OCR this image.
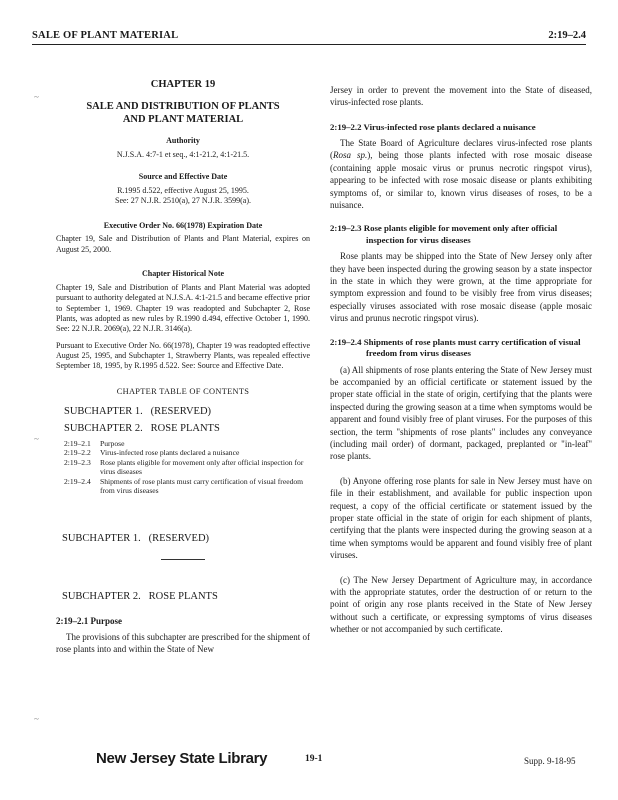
SALE OF PLANT MATERIAL	2:19–2.4
~
~
~
CHAPTER 19
SALE AND DISTRIBUTION OF PLANTS
AND PLANT MATERIAL
Authority

N.J.S.A. 4:7-1 et seq., 4:1-21.2, 4:1-21.5.

Source and Effective Date

R.1995 d.522, effective August 25, 1995.

See: 27 N.J.R. 2510(a), 27 N.J.R. 3599(a).

Executive Order No. 66(1978) Expiration Date

Chapter 19, Sale and Distribution of Plants and Plant Material, expires on August 25, 2000.

Chapter Historical Note

Chapter 19, Sale and Distribution of Plants and Plant Material was adopted pursuant to authority delegated at N.J.S.A. 4:1-21.5 and became effective prior to September 1, 1969. Chapter 19 was readopted and Subchapter 2, Rose Plants, was adopted as new rules by R.1990 d.494, effective October 1, 1990. See: 22 N.J.R. 2069(a), 22 N.J.R. 3146(a).

Pursuant to Executive Order No. 66(1978), Chapter 19 was readopted effective August 25, 1995, and Subchapter 1, Strawberry Plants, was repealed effective September 18, 1995, by R.1995 d.522. See: Source and Effective Date.

CHAPTER TABLE OF CONTENTS
SUBCHAPTER 1.   (RESERVED)
SUBCHAPTER 2.   ROSE PLANTS
2:19–2.1	Purpose
2:19–2.2	Virus-infected rose plants declared a nuisance
2:19–2.3	Rose plants eligible for movement only after official inspection for virus diseases
2:19–2.4	Shipments of rose plants must carry certification of visual freedom from virus diseases
SUBCHAPTER 1.   (RESERVED)
SUBCHAPTER 2.   ROSE PLANTS
2:19–2.1 Purpose

The provisions of this subchapter are prescribed for the shipment of rose plants into and within the State of New

Jersey in order to prevent the movement into the State of diseased, virus-infected rose plants.

2:19–2.2 Virus-infected rose plants declared a nuisance

The State Board of Agriculture declares virus-infected rose plants (Rosa sp.), being those plants infected with rose mosaic disease (containing apple mosaic virus or prunus necrotic ringspot virus), appearing to be infected with rose mosaic disease or plants exhibiting symptoms of, or similar to, known virus diseases of roses, to be a nuisance.

2:19–2.3 Rose plants eligible for movement only after official inspection for virus diseases

Rose plants may be shipped into the State of New Jersey only after they have been inspected during the growing season by a state inspector in the state in which they were grown, at the time appropriate for symptom expression and found to be visibly free from virus diseases; especially viruses associated with rose mosaic disease (apple mosaic virus and prunus necrotic ringspot virus).

2:19–2.4 Shipments of rose plants must carry certification of visual freedom from virus diseases

(a) All shipments of rose plants entering the State of New Jersey must be accompanied by an official certificate or statement issued by the proper state official in the state of origin, certifying that the plants were inspected during the growing season at a time when symptoms would be apparent and found visibly free of plant viruses. For the purposes of this section, the term "shipments of rose plants" includes any conveyance (including mail order) of dormant, packaged, preplanted or "in-leaf" rose plants.

(b) Anyone offering rose plants for sale in New Jersey must have on file in their establishment, and available for public inspection upon request, a copy of the official certificate or statement issued by the proper state official in the state of origin for each shipment of plants, certifying that the plants were inspected during the growing season at a time when symptoms would be apparent and found visibly free of plant viruses.

(c) The New Jersey Department of Agriculture may, in accordance with the appropriate statutes, order the destruction of or return to the point of origin any rose plants received in the State of New Jersey without such a certificate, or expressing symptoms of virus diseases whether or not accompanied by such certificate.

New Jersey State Library	19-1	Supp. 9-18-95
